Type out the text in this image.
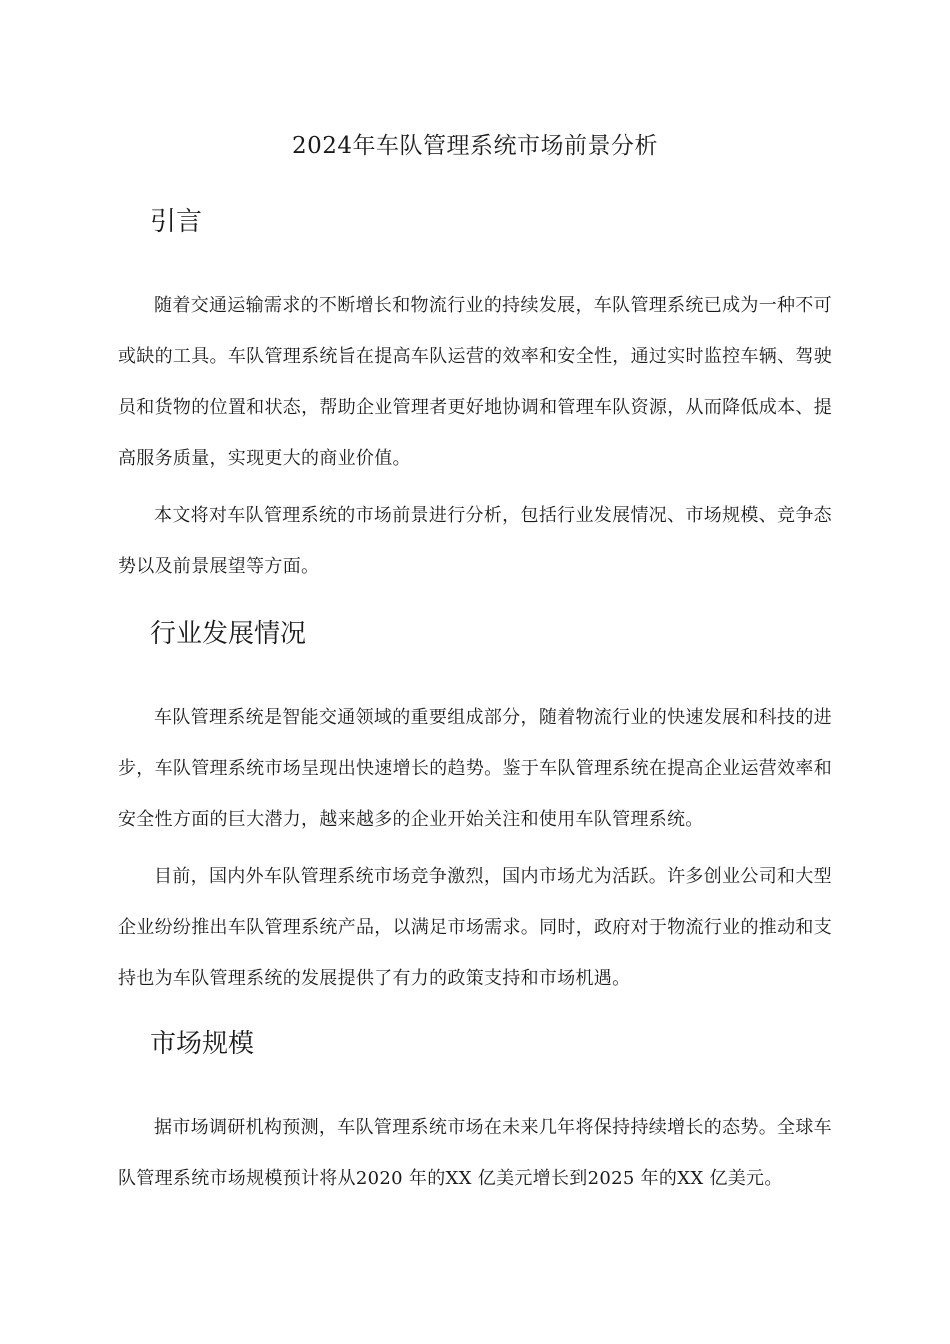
2024年车队管理系统市场前景分析
引言

随着交通运输需求的不断增长和物流行业的持续发展，车队管理系统已成为一种不可或缺的工具。车队管理系统旨在提高车队运营的效率和安全性，通过实时监控车辆、驾驶员和货物的位置和状态，帮助企业管理者更好地协调和管理车队资源，从而降低成本、提高服务质量，实现更大的商业价值。

本文将对车队管理系统的市场前景进行分析，包括行业发展情况、市场规模、竞争态势以及前景展望等方面。

行业发展情况

车队管理系统是智能交通领域的重要组成部分，随着物流行业的快速发展和科技的进步，车队管理系统市场呈现出快速增长的趋势。鉴于车队管理系统在提高企业运营效率和安全性方面的巨大潜力，越来越多的企业开始关注和使用车队管理系统。

目前，国内外车队管理系统市场竞争激烈，国内市场尤为活跃。许多创业公司和大型企业纷纷推出车队管理系统产品，以满足市场需求。同时，政府对于物流行业的推动和支持也为车队管理系统的发展提供了有力的政策支持和市场机遇。

市场规模

据市场调研机构预测，车队管理系统市场在未来几年将保持持续增长的态势。全球车队管理系统市场规模预计将从2020 年的XX 亿美元增长到2025 年的XX 亿美元。
